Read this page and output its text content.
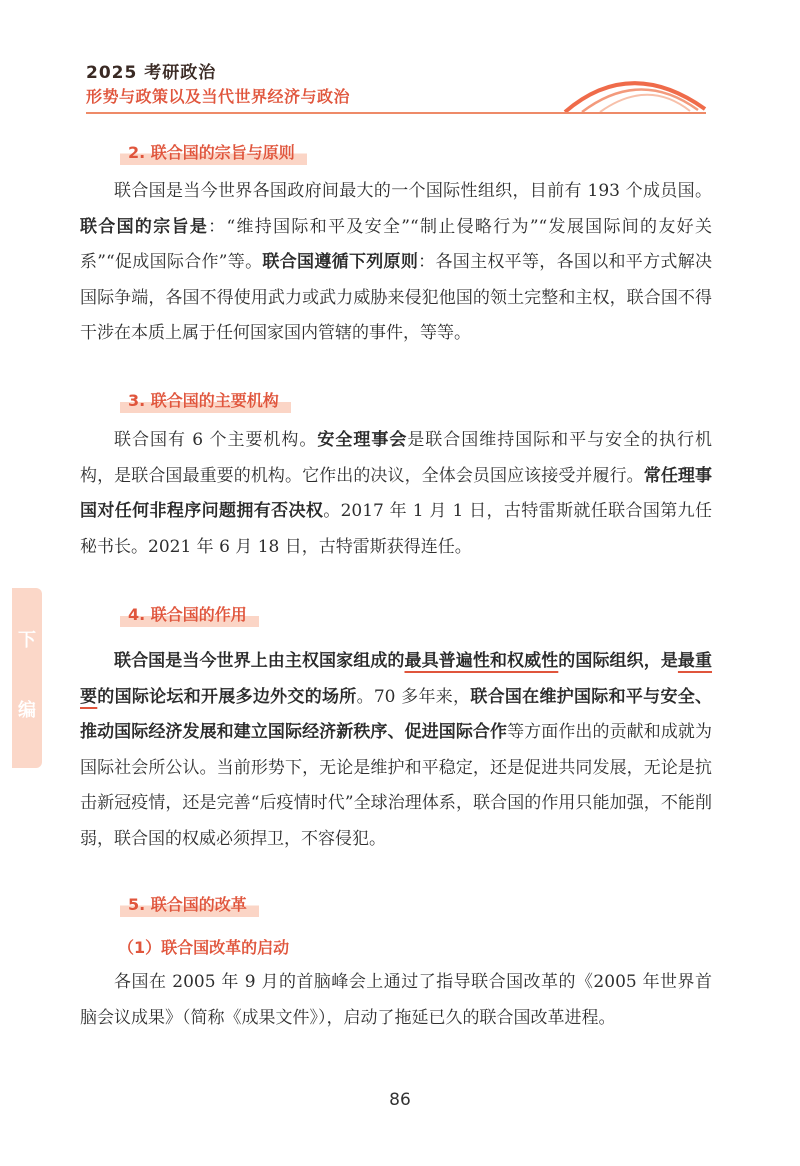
2025 考研政治
形势与政策以及当代世界经济与政治
下
编
2. 联合国的宗旨与原则
联合国是当今世界各国政府间最大的一个国际性组织，目前有 193 个成员国。联合国的宗旨是：“维持国际和平及安全”“制止侵略行为”“发展国际间的友好关系”“促成国际合作”等。联合国遵循下列原则：各国主权平等，各国以和平方式解决国际争端，各国不得使用武力或武力威胁来侵犯他国的领土完整和主权，联合国不得干涉在本质上属于任何国家国内管辖的事件，等等。
3. 联合国的主要机构
联合国有 6 个主要机构。安全理事会是联合国维持国际和平与安全的执行机构，是联合国最重要的机构。它作出的决议，全体会员国应该接受并履行。常任理事国对任何非程序问题拥有否决权。2017 年 1 月 1 日，古特雷斯就任联合国第九任秘书长。2021 年 6 月 18 日，古特雷斯获得连任。
4. 联合国的作用
联合国是当今世界上由主权国家组成的最具普遍性和权威性的国际组织，是最重要的国际论坛和开展多边外交的场所。70 多年来，联合国在维护国际和平与安全、推动国际经济发展和建立国际经济新秩序、促进国际合作等方面作出的贡献和成就为国际社会所公认。当前形势下，无论是维护和平稳定，还是促进共同发展，无论是抗击新冠疫情，还是完善“后疫情时代”全球治理体系，联合国的作用只能加强，不能削弱，联合国的权威必须捍卫，不容侵犯。
5. 联合国的改革
（1）联合国改革的启动
各国在 2005 年 9 月的首脑峰会上通过了指导联合国改革的《2005 年世界首脑会议成果》（简称《成果文件》），启动了拖延已久的联合国改革进程。
86
